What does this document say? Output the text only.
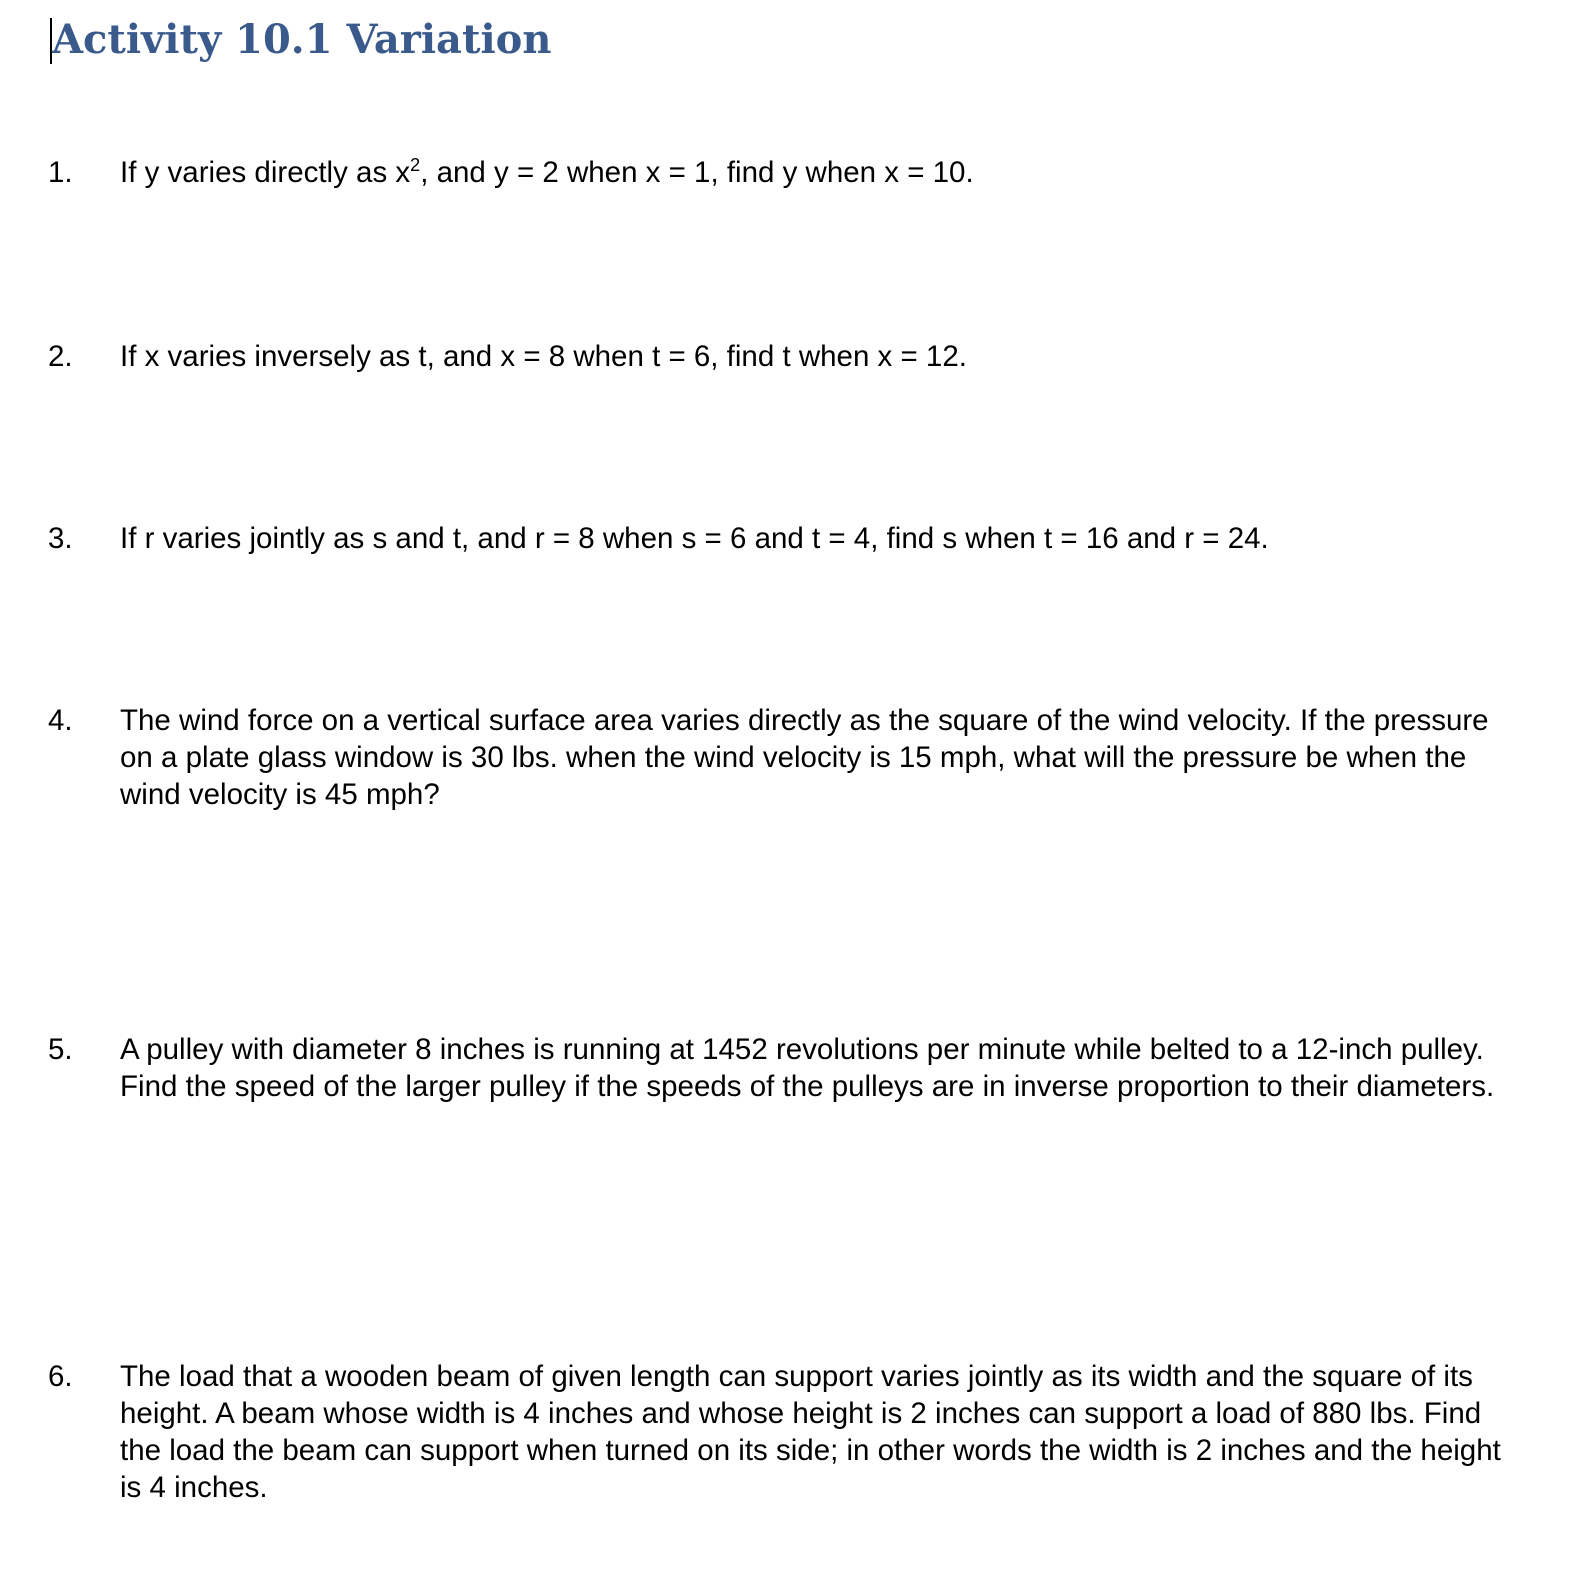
Activity 10.1 Variation
1. If y varies directly as $x^2$, and y = 2 when x = 1, find y when x = 10.
2. If x varies inversely as t, and x = 8 when t = 6, find t when x = 12.
3. If r varies jointly as s and t, and r = 8 when s = 6 and t = 4, find s when t = 16 and r = 24.
4. The wind force on a vertical surface area varies directly as the square of the wind velocity. If the pressure on a plate glass window is 30 lbs. when the wind velocity is 15 mph, what will the pressure be when the wind velocity is 45 mph?
5. A pulley with diameter 8 inches is running at 1452 revolutions per minute while belted to a 12-inch pulley. Find the speed of the larger pulley if the speeds of the pulleys are in inverse proportion to their diameters.
6. The load that a wooden beam of given length can support varies jointly as its width and the square of its height. A beam whose width is 4 inches and whose height is 2 inches can support a load of 880 lbs. Find the load the beam can support when turned on its side; in other words the width is 2 inches and the height is 4 inches.
